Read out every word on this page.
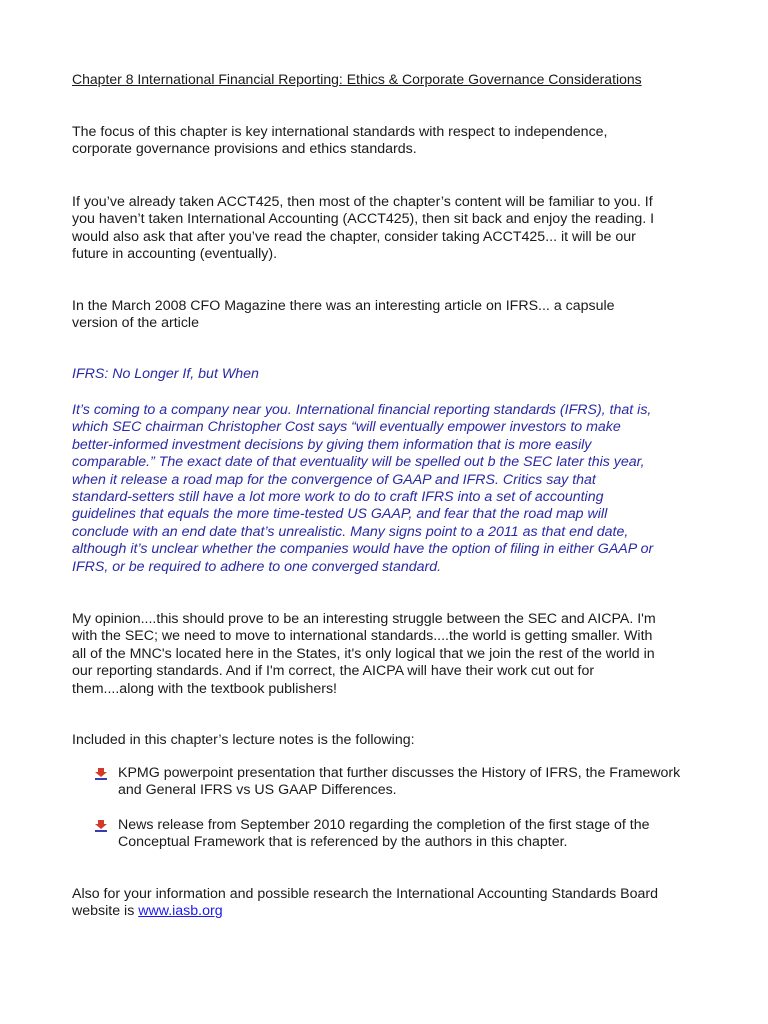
Chapter 8 International Financial Reporting: Ethics & Corporate Governance Considerations

The focus of this chapter is key international standards with respect to independence,
corporate governance provisions and ethics standards.

If you’ve already taken ACCT425, then most of the chapter’s content will be familiar to you. If
you haven’t taken International Accounting (ACCT425), then sit back and enjoy the reading. I
would also ask that after you’ve read the chapter, consider taking ACCT425... it will be our
future in accounting (eventually).

In the March 2008 CFO Magazine there was an interesting article on IFRS... a capsule
version of the article

IFRS: No Longer If, but When

It’s coming to a company near you. International financial reporting standards (IFRS), that is,
which SEC chairman Christopher Cost says “will eventually empower investors to make
better-informed investment decisions by giving them information that is more easily
comparable.” The exact date of that eventuality will be spelled out b the SEC later this year,
when it release a road map for the convergence of GAAP and IFRS. Critics say that
standard-setters still have a lot more work to do to craft IFRS into a set of accounting
guidelines that equals the more time-tested US GAAP, and fear that the road map will
conclude with an end date that’s unrealistic. Many signs point to a 2011 as that end date,
although it’s unclear whether the companies would have the option of filing in either GAAP or
IFRS, or be required to adhere to one converged standard.

My opinion....this should prove to be an interesting struggle between the SEC and AICPA. I'm
with the SEC; we need to move to international standards....the world is getting smaller. With
all of the MNC's located here in the States, it's only logical that we join the rest of the world in
our reporting standards. And if I'm correct, the AICPA will have their work cut out for
them....along with the textbook publishers!

Included in this chapter’s lecture notes is the following:

KPMG powerpoint presentation that further discusses the History of IFRS, the Framework and General IFRS vs US GAAP Differences.
News release from September 2010 regarding the completion of the first stage of the Conceptual Framework that is referenced by the authors in this chapter.

Also for your information and possible research the International Accounting Standards Board
website is www.iasb.org
